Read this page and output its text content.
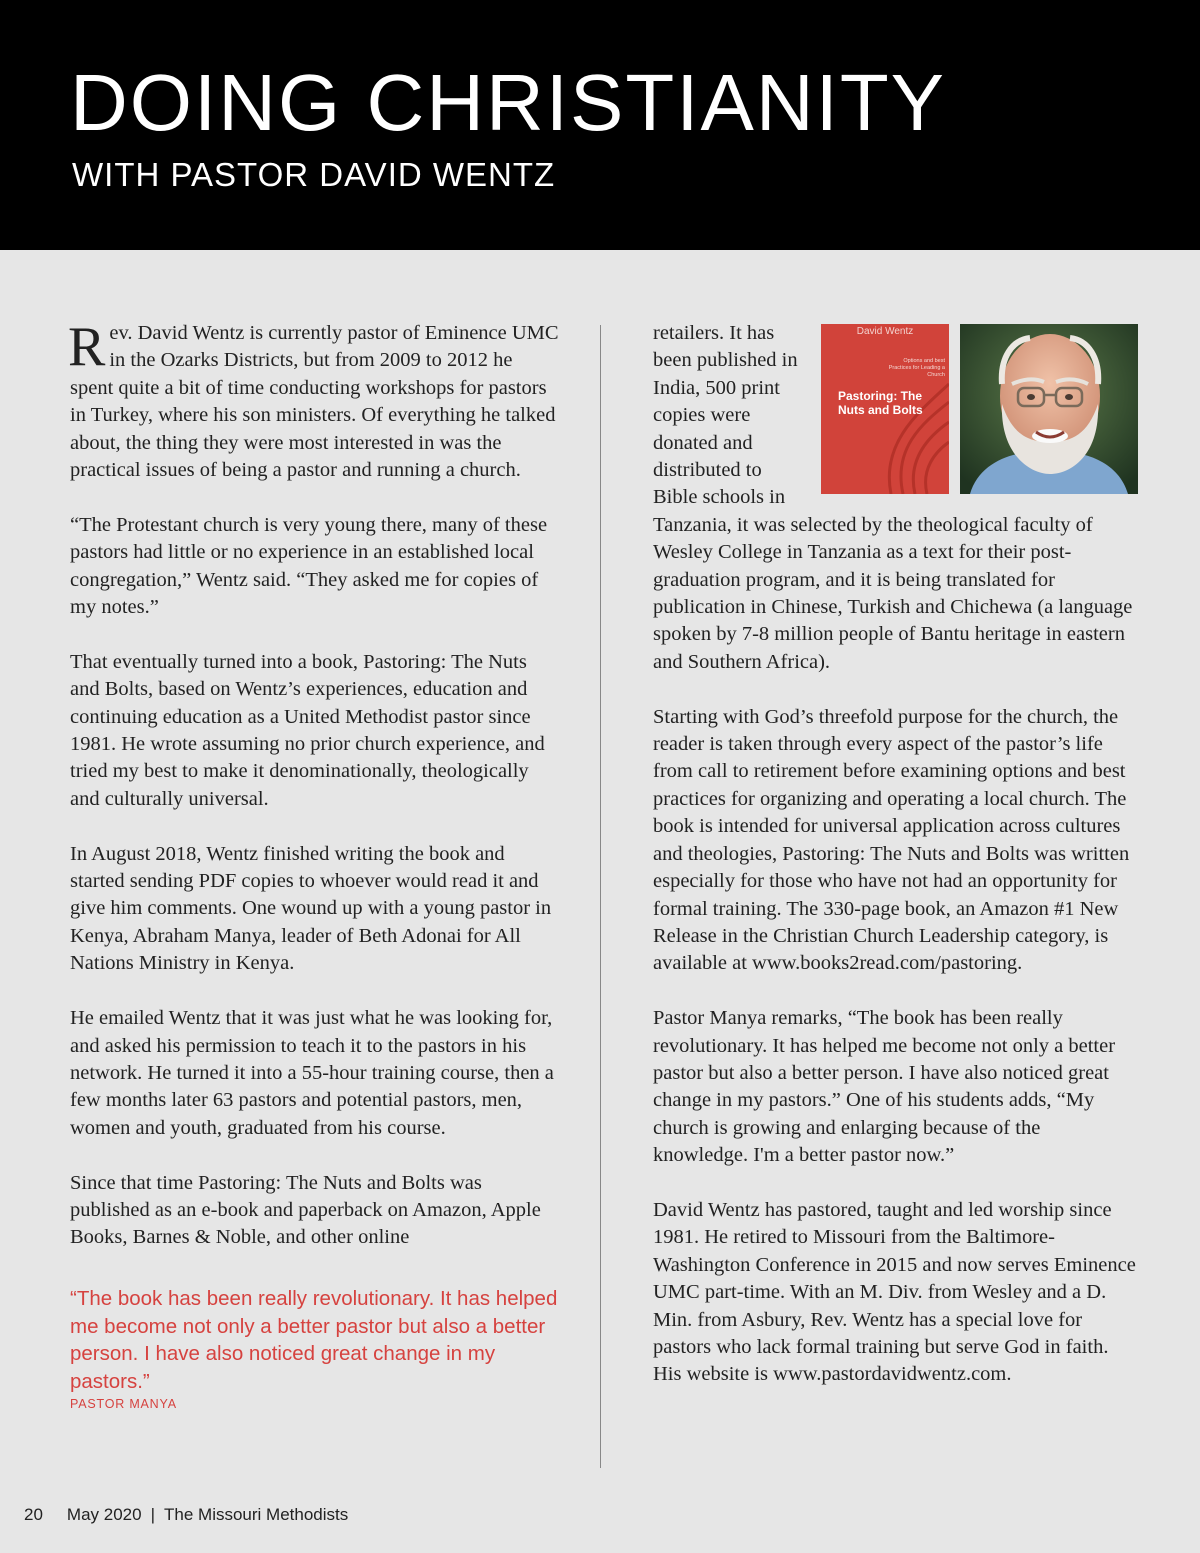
DOING CHRISTIANITY
WITH PASTOR DAVID WENTZ

Rev. David Wentz is currently pastor of Eminence UMC in the Ozarks Districts, but from 2009 to 2012 he spent quite a bit of time conducting workshops for pastors in Turkey, where his son ministers. Of everything he talked about, the thing they were most interested in was the practical issues of being a pastor and running a church.

“The Protestant church is very young there, many of these pastors had little or no experience in an established local congregation,” Wentz said. “They asked me for copies of my notes.”

That eventually turned into a book, Pastoring: The Nuts and Bolts, based on Wentz’s experiences, education and continuing education as a United Methodist pastor since 1981. He wrote assuming no prior church experience, and tried my best to make it denominationally, theologically and culturally universal.

In August 2018, Wentz finished writing the book and started sending PDF copies to whoever would read it and give him comments. One wound up with a young pastor in Kenya, Abraham Manya, leader of Beth Adonai for All Nations Ministry in Kenya.

He emailed Wentz that it was just what he was looking for, and asked his permission to teach it to the pastors in his network. He turned it into a 55-hour training course, then a few months later 63 pastors and potential pastors, men, women and youth, graduated from his course.

Since that time Pastoring: The Nuts and Bolts was published as an e-book and paperback on Amazon, Apple Books, Barnes & Noble, and other online

“The book has been really revolutionary. It has helped me become not only a better pastor but also a better person. I have also noticed great change in my pastors.”

PASTOR MANYA
David Wentz
Options and best Practices for Leading a Church
Pastoring: The Nuts and Bolts

retailers. It has been published in India, 500 print copies were donated and distributed to Bible schools in Tanzania, it was selected by the theological faculty of Wesley College in Tanzania as a text for their post-graduation program, and it is being translated for publication in Chinese, Turkish and Chichewa (a language spoken by 7-8 million people of Bantu heritage in eastern and Southern Africa).

Starting with God’s threefold purpose for the church, the reader is taken through every aspect of the pastor’s life from call to retirement before examining options and best practices for organizing and operating a local church. The book is intended for universal application across cultures and theologies, Pastoring: The Nuts and Bolts was written especially for those who have not had an opportunity for formal training. The 330-page book, an Amazon #1 New Release in the Christian Church Leadership category, is available at www.books2read.com/pastoring.

Pastor Manya remarks, “The book has been really revolutionary. It has helped me become not only a better pastor but also a better person. I have also noticed great change in my pastors.” One of his students adds, “My church is growing and enlarging because of the knowledge. I'm a better pastor now.”

David Wentz has pastored, taught and led worship since 1981. He retired to Missouri from the Baltimore-Washington Conference in 2015 and now serves Eminence UMC part-time. With an M. Div. from Wesley and a D. Min. from Asbury, Rev. Wentz has a special love for pastors who lack formal training but serve God in faith. His website is www.pastordavidwentz.com.

20 May 2020 | The Missouri Methodists
